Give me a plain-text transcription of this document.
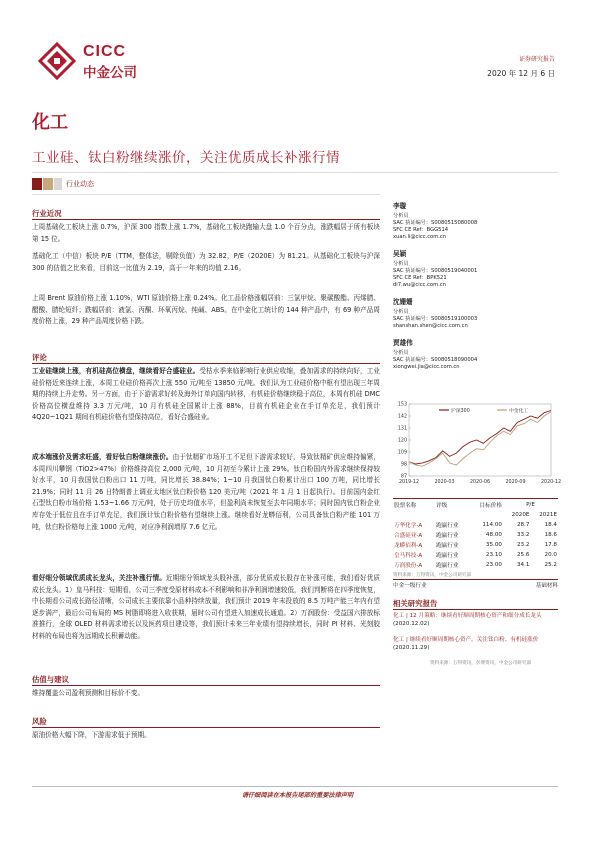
CICC
中金公司
证券研究报告
2020 年 12 月 6 日
化工
工业硅、钛白粉继续涨价，关注优质成长补涨行情
行业动态
行业近况
上周基础化工板块上涨 0.7%，沪深 300 指数上涨 1.7%，基础化工板块跑输大盘 1.0 个百分点，涨跌幅居于所有板块第 15 位。
基础化工（中信）板块 P/E（TTM，整体法，剔除负值）为 32.82，P/E（2020E）为 81.21。从基础化工板块与沪深 300 的估值之比来看，目前这一比值为 2.19，高于一年来的均值 2.16。
上周 Brent 原油价格上涨 1.10%，WTI 原油价格上涨 0.24%。化工品价格涨幅居前：三氯甲烷、聚碳酸酯、丙烯腈、醋酸、腈纶短纤；跌幅居前：液氯、丙酮、环氧丙烷、纯碱、ABS。在中金化工统计的 144 种产品中，有 69 种产品周度价格上涨，29 种产品周度价格下跌。
评论
工业硅继续上涨，有机硅高位横盘，继续看好合盛硅业。受枯水季来临影响行业供应收缩，叠加需求的持续向好，工业硅价格近来连续上涨，本周工业硅价格再次上涨 550 元/吨至 13850 元/吨。我们认为工业硅价格中枢有望出现三年周期的持续上升走势。另一方面，由于下游需求好转及海外订单向国内转移，有机硅价格继续稳于高位，本周有机硅 DMC 价格高位横盘维持 3.3 万元/吨，10 月有机硅全国累计上涨 88%，目前有机硅企业在手订单充足，我们预计 4Q20~1Q21 期间有机硅价格有望保持高位，看好合盛硅业。
成本端涨价及需求旺盛，看好钛白粉继续涨价。由于钛精矿市场开工不足但下游需求较好，导致钛精矿供应维持偏紧，本周四川攀钢（TiO2>47%）价格维持高位 2,000 元/吨，10 月初至今累计上涨 29%。钛白粉国内外需求继续保持较好水平，10 月我国钛白粉出口 11 万吨，同比增长 38.84%；1~10 月我国钛白粉累计出口 100 万吨，同比增长 21.9%；同时 11 月 26 日特朗普上调亚太地区钛白粉价格 120 美元/吨（2021 年 1 月 1 日起执行）。目前国内金红石型钛白粉市场价格 1.53~1.66 万元/吨，处于历史均值水平，但盈利尚未恢复至去年同期水平；同时国内钛白粉企业库存处于低位且在手订单充足，我们预计钛白粉价格有望继续上涨。继续看好龙蟒佰利，公司具备钛白粉产能 101 万吨，钛白粉价格每上涨 1000 元/吨，对应净利润增厚 7.6 亿元。
看好细分领域优质成长龙头，关注补涨行情。近期细分领域龙头股补涨，部分优质成长股存在补涨可能，我们看好优质成长龙头。1）皇马科技：短期看，公司三季度受原材料成本不利影响和非净利润增速较低，我们判断将在四季度恢复，中长期看公司成长路径清晰，公司成长主要依靠小品种持续放量，我们预计 2019 年末投放的 8.5 万吨产能三年内有望逐步满产，最后公司布局的 MS 树脂即将进入收获期，届时公司有望进入加速成长通道。2）万润股份：受益国六排放标准推行，全球 OLED 材料需求增长以及医药项目建设等，我们预计未来三年业绩有望持续增长，同时 PI 材料、光刻胶材料的布局也将为远期成长积蓄动能。
估值与建议
维持覆盖公司盈利预测和目标价不变。
风险
原油价格大幅下降，下游需求低于预期。
李璇
分析员
SAC 执证编号：S0080515080008
SFC CE Ref：BGG514
xuan.li@cicc.com.cn
吴颖
分析员
SAC 执证编号：S0080519040001
SFC CE Ref：BPK521
di7.wu@cicc.com.cn
沈姗姗
分析员
SAC 执证编号：S0080519100003
shanshan.shen@cicc.com.cn
贾雄伟
分析员
SAC 执证编号：S0080518090004
xiongwei.jia@cicc.com.cn
153
142
131
120
109
98
87
2019-12	2020-03	2020-06	2020-09	2020-12
沪深300	中金化工
股票名称	评级	目标价格	P/E	
			2020E	2021E
万华化学-A	跑赢行业	114.00	28.7	18.4
合盛硅业-A	跑赢行业	48.00	33.2	18.6
龙蟒佰利-A	跑赢行业	35.00	23.2	17.8
皇马科技-A	跑赢行业	23.10	25.6	20.0
万润股份-A	跑赢行业	23.00	34.1	25.2
资料来源：万得资讯，中金公司研究部
中金一级行业	基础材料
相关研究报告
化工 | 12 月策略：继续看好顺周期核心资产和细分成长龙头
(2020.12.02)
化工 | 继续看好顺周期核心资产，关注钛白粉、有机硅涨价
(2020.11.29)
资料来源：万得资讯，彭博资讯，中金公司研究部
请仔细阅读在本报告尾部的重要法律声明
